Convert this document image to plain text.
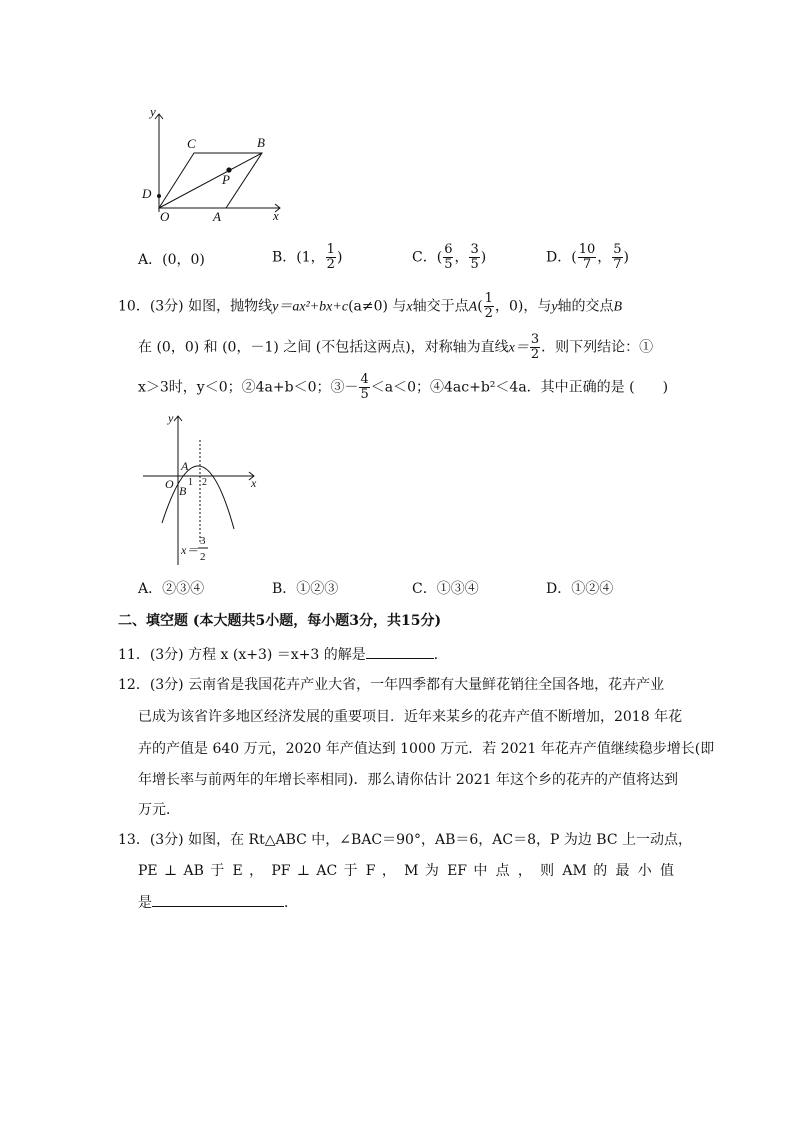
y
x
C	B
D
P
O	A
A．(0，0)	B．(1， $\frac{1}{2}$ )	C．( $\frac{6}{5}$ ， $\frac{3}{5}$ )	D．( $\frac{10}{7}$ ， $\frac{5}{7}$ )
10．(3分) 如图，抛物线y＝ax²+bx+c(a≠0) 与x轴交于点$A( \frac{1}{2}$ ，0)，与y轴的交点B
在 (0，0) 和 (0，－1) 之间 (不包括这两点)，对称轴为直线$x= \frac{3}{2}$ ．则下列结论：①
x＞3时，y＜0；②4a+b＜0；③－ $\frac{4}{5} <a<0$；④4ac+b²＜4a．其中正确的是 (　　)
y
x
A
O B
1 2
x＝
3
2
A．②③④	B．①②③	C．①③④	D．①②④
二、填空题 (本大题共5小题，每小题3分，共15分)
11．(3分) 方程 x (x+3) ＝x+3 的解是	．
12．(3分) 云南省是我国花卉产业大省，一年四季都有大量鲜花销往全国各地，花卉产业
已成为该省许多地区经济发展的重要项目．近年来某乡的花卉产值不断增加，2018 年花
卉的产值是 640 万元，2020 年产值达到 1000 万元．若 2021 年花卉产值继续稳步增长(即
年增长率与前两年的年增长率相同)．那么请你估计 2021 年这个乡的花卉的产值将达到
万元．
13．(3分) 如图，在 Rt△ABC 中，∠BAC＝90°，AB＝6，AC＝8，P 为边 BC 上一动点，
PE ⊥ AB 于 E ， PF ⊥ AC 于 F ， M 为 EF 中 点 ， 则 AM 的 最 小 值
是	．
